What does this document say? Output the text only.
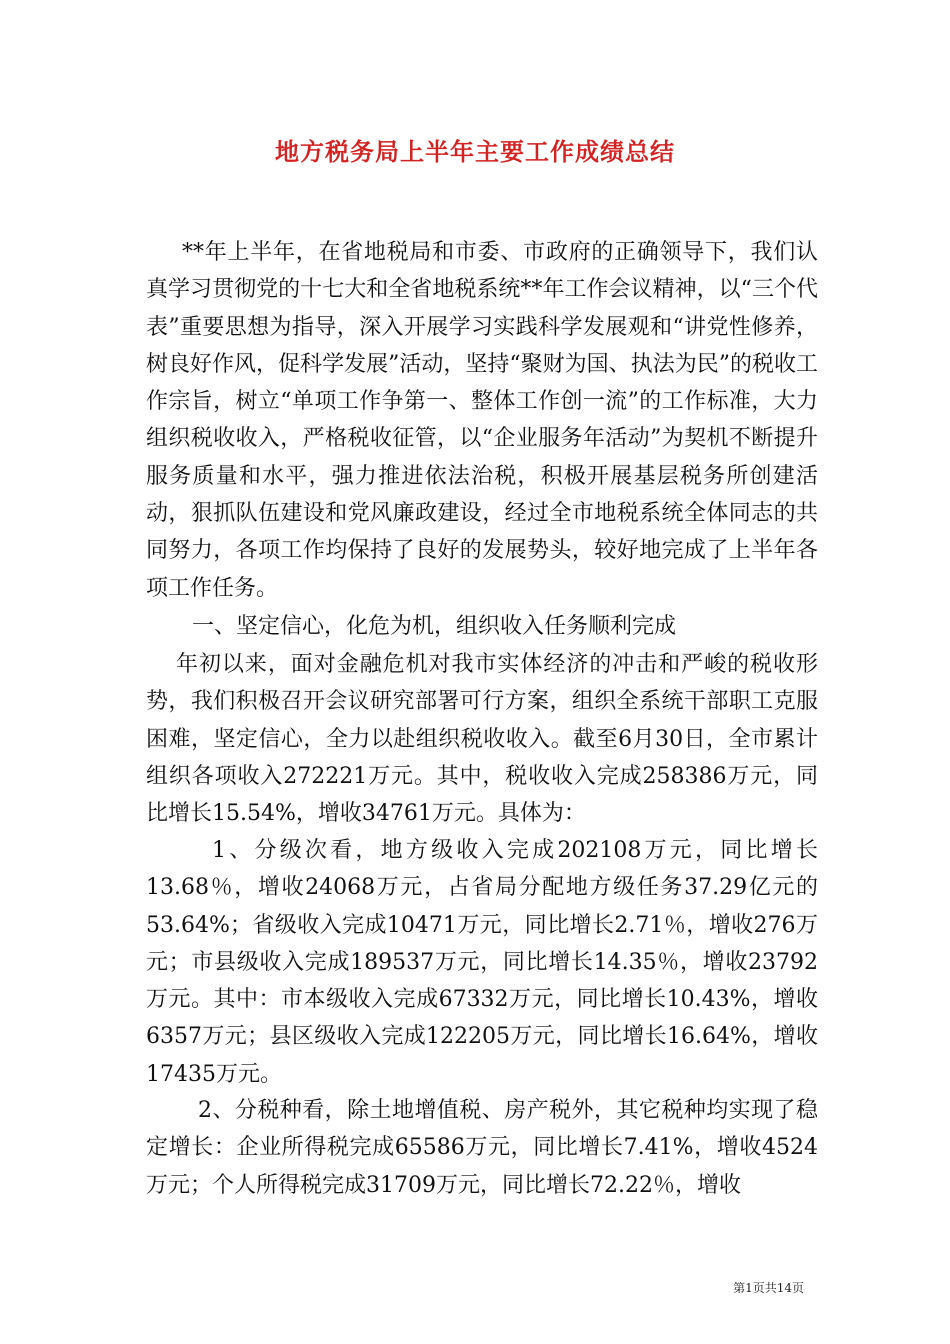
地方税务局上半年主要工作成绩总结

**年上半年，在省地税局和市委、市政府的正确领导下，我们认真学习贯彻党的十七大和全省地税系统**年工作会议精神，以“三个代表”重要思想为指导，深入开展学习实践科学发展观和“讲党性修养，树良好作风，促科学发展”活动，坚持“聚财为国、执法为民”的税收工作宗旨，树立“单项工作争第一、整体工作创一流”的工作标准，大力组织税收收入，严格税收征管，以“企业服务年活动”为契机不断提升服务质量和水平，强力推进依法治税，积极开展基层税务所创建活动，狠抓队伍建设和党风廉政建设，经过全市地税系统全体同志的共同努力，各项工作均保持了良好的发展势头，较好地完成了上半年各项工作任务。

一、坚定信心，化危为机，组织收入任务顺利完成

年初以来，面对金融危机对我市实体经济的冲击和严峻的税收形势，我们积极召开会议研究部署可行方案，组织全系统干部职工克服困难，坚定信心，全力以赴组织税收收入。截至6月30日，全市累计组织各项收入272221万元。其中，税收收入完成258386万元，同比增长15.54%，增收34761万元。具体为：

1、分级次看，地方级收入完成202108万元，同比增长13.68％，增收24068万元，占省局分配地方级任务37.29亿元的53.64%；省级收入完成10471万元，同比增长2.71％，增收276万元；市县级收入完成189537万元，同比增长14.35％，增收23792万元。其中：市本级收入完成67332万元，同比增长10.43%，增收6357万元；县区级收入完成122205万元，同比增长16.64%，增收17435万元。

2、分税种看，除土地增值税、房产税外，其它税种均实现了稳定增长：企业所得税完成65586万元，同比增长7.41%，增收4524万元；个人所得税完成31709万元，同比增长72.22％，增收

第1页共14页
